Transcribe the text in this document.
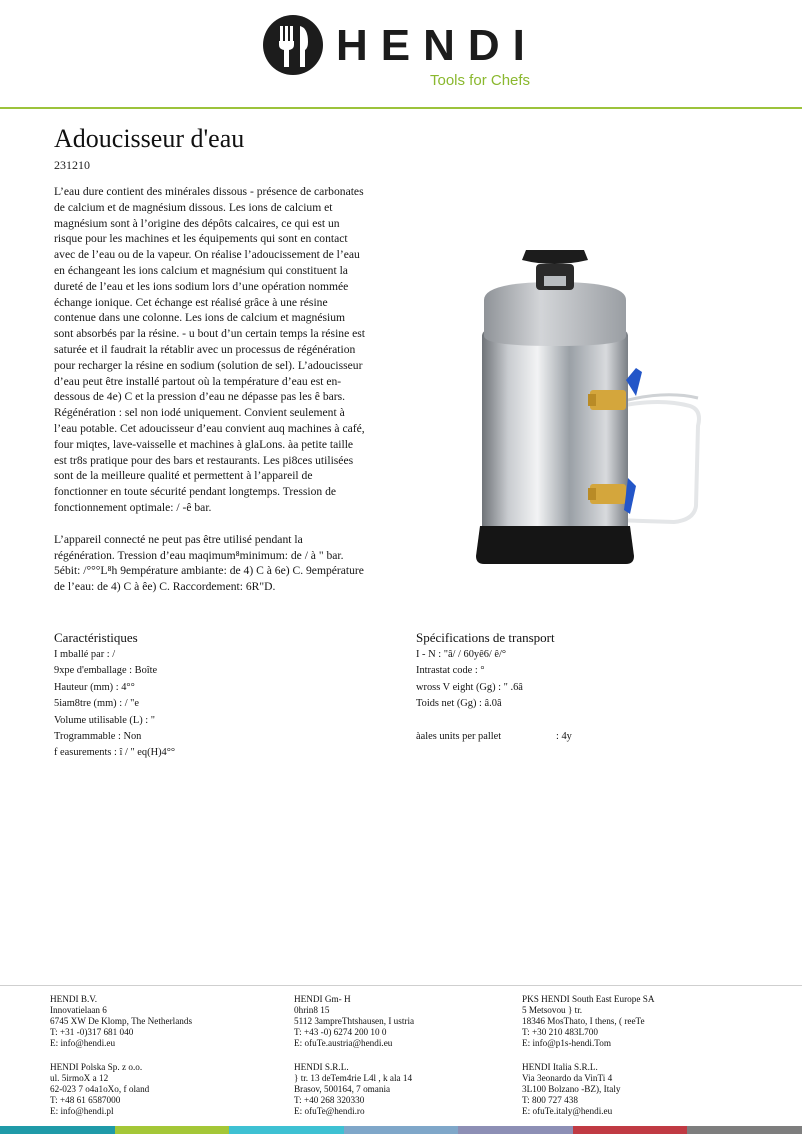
HENDI
Tools for Chefs
Adoucisseur d'eau
231210

L’eau dure contient des minérales dissous - présence de carbonates de calcium et de magnésium dissous. Les ions de calcium et magnésium sont à l’origine des dépôts calcaires, ce qui est un risque pour les machines et les équipements qui sont en contact avec de l’eau ou de la vapeur. On réalise l’adoucissement de l’eau en échangeant les ions calcium et magnésium qui constituent la dureté de l’eau et les ions sodium lors d’une opération nommée échange ionique. Cet échange est réalisé grâce à une résine contenue dans une colonne. Les ions de calcium et magnésium sont absorbés par la résine. - u bout d’un certain temps la résine est saturée et il faudrait la rétablir avec un processus de régénération pour recharger la résine en sodium (solution de sel). L’adoucisseur d’eau peut être installé partout où la température d’eau est en-dessous de 4e) C et la pression d’eau ne dépasse pas les ê bars. Régénération : sel non iodé uniquement. Convient seulement à l’eau potable. Cet adoucisseur d’eau convient auq machines à café, four miqtes, lave-vaisselle et machines à glaLons. àa petite taille est tr8s pratique pour des bars et restaurants. Les pi8ces utilisées sont de la meilleure qualité et permettent à l’appareil de fonctionner en toute sécurité pendant longtemps. Tression de fonctionnement optimale: / -ê bar.

L’appareil connecté ne peut pas être utilisé pendant la régénération. Tression d’eau maqimum⁸minimum: de / à " bar. 5ébit: /°°°L⁸h 9empérature ambiante: de 4) C à 6e) C. 9empérature de l’eau: de 4) C à êe) C. Raccordement: 6R"D.

Caractéristiques
I mballé par : /
9xpe d'emballage : Boîte
Hauteur (mm) : 4°°
5iam8tre (mm) : / "e
Volume utilisable (L) : "
Trogrammable : Non
f easurements : î / " eq(H)4°°
Spécifications de transport
I - N : "â/ / 60yê6/ ê/°
Intrastat code : °
wross V eight (Gg) : " .6â
Toids net (Gg) : â.0â
àales units per pallet	: 4y
HENDI B.V.
Innovatielaan 6
6745 XW De Klomp, The Netherlands
T: +31 -0)317 681 040
E: info@hendi.eu
HENDI Gm- H
0hrin8 15
5112 3ampreThtshausen, I ustria
T: +43 -0) 6274 200 10 0
E: ofuTe.austria@hendi.eu
PKS HENDI South East Europe SA
5 Metsovou } tr.
18346 MosThato, I thens, ( reeTe
T: +30 210 483L700
E: info@p1s-hendi.Tom
HENDI Polska Sp. z o.o.
ul. 5irmoX a 12
62-023 7 o4a1oXo, f oland
T: +48 61 6587000
E: info@hendi.pl
HENDI S.R.L.
} tr. 13 deTem4rie L4l , k ala 14
Brasov, 500164, 7 omania
T: +40 268 320330
E: ofuTe@hendi.ro
HENDI Italia S.R.L.
Via 3eonardo da VinTi 4
3L100 Bolzano -BZ), Italy
T: 800 727 438
E: ofuTe.italy@hendi.eu
